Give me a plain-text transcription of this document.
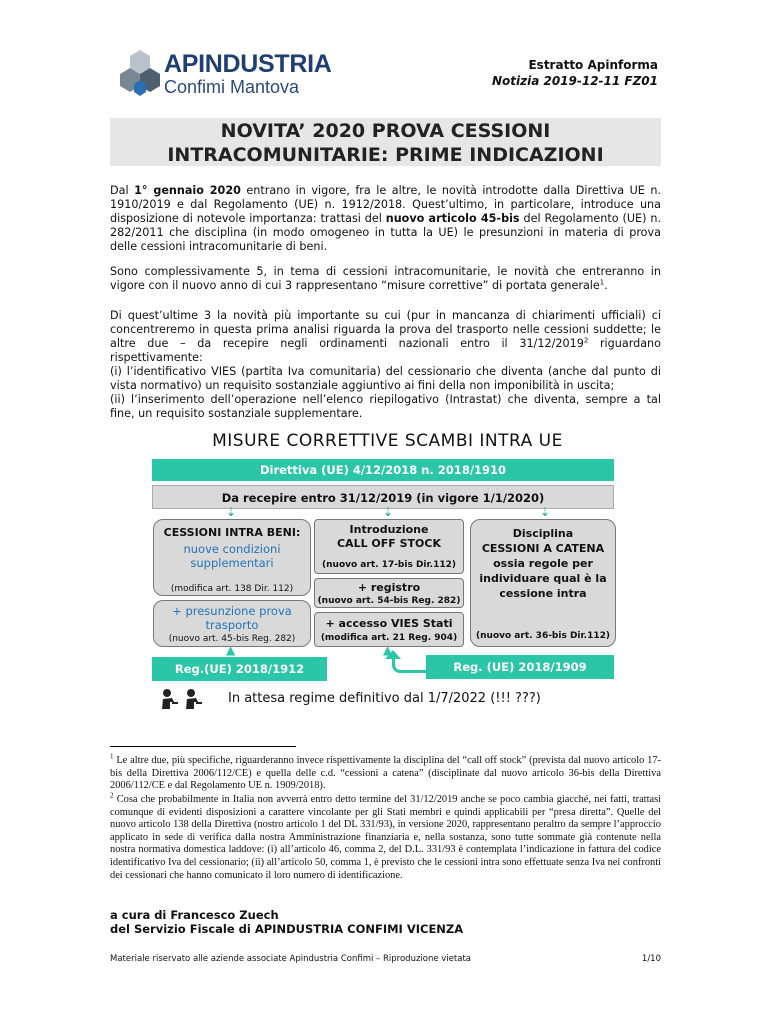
APINDUSTRIA
Confimi Mantova
Estratto Apinforma
Notizia 2019-12-11 FZ01
NOVITA’ 2020 PROVA CESSIONI
INTRACOMUNITARIE: PRIME INDICAZIONI
Dal 1° gennaio 2020 entrano in vigore, fra le altre, le novità introdotte dalla Direttiva UE n. 1910/2019 e dal Regolamento (UE) n. 1912/2018. Quest’ultimo, in particolare, introduce una disposizione di notevole importanza: trattasi del nuovo articolo 45-bis del Regolamento (UE) n. 282/2011 che disciplina (in modo omogeneo in tutta la UE) le presunzioni in materia di prova delle cessioni intracomunitarie di beni.
Sono complessivamente 5, in tema di cessioni intracomunitarie, le novità che entreranno in vigore con il nuovo anno di cui 3 rappresentano “misure correttive” di portata generale$^1$.
Di quest’ultime 3 la novità più importante su cui (pur in mancanza di chiarimenti ufficiali) ci concentreremo in questa prima analisi riguarda la prova del trasporto nelle cessioni suddette; le altre due – da recepire negli ordinamenti nazionali entro il 31/12/2019$^2$ riguardano rispettivamente:
(i) l’identificativo VIES (partita Iva comunitaria) del cessionario che diventa (anche dal punto di vista normativo) un requisito sostanziale aggiuntivo ai fini della non imponibilità in uscita;
(ii) l’inserimento dell’operazione nell’elenco riepilogativo (Intrastat) che diventa, sempre a tal fine, un requisito sostanziale supplementare.
MISURE CORRETTIVE SCAMBI INTRA UE
Direttiva (UE) 4/12/2018 n. 2018/1910
Da recepire entro 31/12/2019 (in vigore 1/1/2020)
⇣	⇣	⇣
CESSIONI INTRA BENI:
nuove condizioni
supplementari
(modifica art. 138 Dir. 112)
+ presunzione prova
trasporto
(nuovo art. 45-bis Reg. 282)
Introduzione
CALL OFF STOCK
(nuovo art. 17-bis Dir.112)
+ registro
(nuovo art. 54-bis Reg. 282)
+ accesso VIES Stati
(modifica art. 21 Reg. 904)
Disciplina
CESSIONI A CATENA
ossia regole per
individuare qual è la
cessione intra
(nuovo art. 36-bis Dir.112)
▲	▲
Reg.(UE) 2018/1912	Reg. (UE) 2018/1909
In attesa regime definitivo dal 1/7/2022 (!!! ???)
$^1$ Le altre due, più specifiche, riguarderanno invece rispettivamente la disciplina del “call off stock” (prevista dal nuovo articolo 17-bis della Direttiva 2006/112/CE) e quella delle c.d. “cessioni a catena” (disciplinate dal nuovo articolo 36-bis della Direttiva 2006/112/CE e dal Regolamento UE n. 1909/2018).
$^2$ Cosa che probabilmente in Italia non avverrà entro detto termine del 31/12/2019 anche se poco cambia giacché, nei fatti, trattasi comunque di evidenti disposizioni a carattere vincolante per gli Stati membri e quindi applicabili per “presa diretta”. Quelle del nuovo articolo 138 della Direttiva (nostro articolo 1 del DL 331/93), in versione 2020, rappresentano peraltro da sempre l’approccio applicato in sede di verifica dalla nostra Amministrazione finanziaria e, nella sostanza, sono tutte sommate già contenute nella nostra normativa domestica laddove: (i) all’articolo 46, comma 2, del D.L. 331/93 è contemplata l’indicazione in fattura del codice identificativo Iva del cessionario; (ii) all’articolo 50, comma 1, è previsto che le cessioni intra sono effettuate senza Iva nei confronti dei cessionari che hanno comunicato il loro numero di identificazione.
a cura di Francesco Zuech
del Servizio Fiscale di APINDUSTRIA CONFIMI VICENZA
Materiale riservato alle aziende associate Apindustria Confimi – Riproduzione vietata	1/10
